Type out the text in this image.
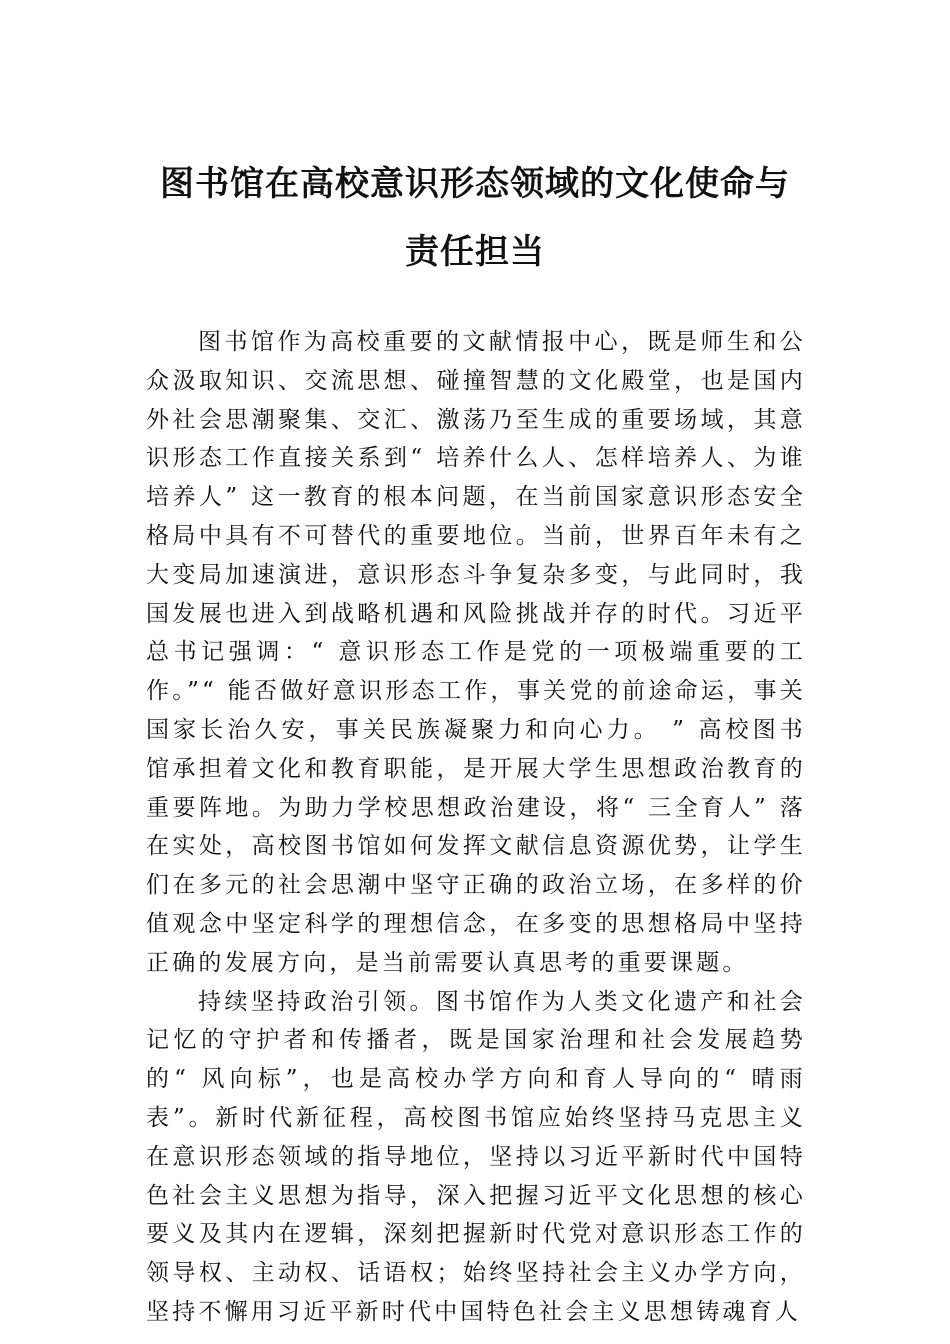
图书馆在高校意识形态领域的文化使命与
责任担当

图书馆作为高校重要的文献情报中心，既是师生和公众汲取知识、交流思想、碰撞智慧的文化殿堂，也是国内外社会思潮聚集、交汇、激荡乃至生成的重要场域，其意识形态工作直接关系到“ 培养什么人、怎样培养人、为谁培养人” 这一教育的根本问题，在当前国家意识形态安全格局中具有不可替代的重要地位。当前，世界百年未有之大变局加速演进，意识形态斗争复杂多变，与此同时，我国发展也进入到战略机遇和风险挑战并存的时代。习近平总书记强调：“ 意识形态工作是党的一项极端重要的工作。”“ 能否做好意识形态工作，事关党的前途命运，事关国家长治久安，事关民族凝聚力和向心力。 ” 高校图书馆承担着文化和教育职能，是开展大学生思想政治教育的重要阵地。为助力学校思想政治建设，将“ 三全育人” 落在实处，高校图书馆如何发挥文献信息资源优势，让学生们在多元的社会思潮中坚守正确的政治立场，在多样的价值观念中坚定科学的理想信念，在多变的思想格局中坚持正确的发展方向，是当前需要认真思考的重要课题。

持续坚持政治引领。图书馆作为人类文化遗产和社会记忆的守护者和传播者，既是国家治理和社会发展趋势的“ 风向标”，也是高校办学方向和育人导向的“ 晴雨表”。新时代新征程，高校图书馆应始终坚持马克思主义在意识形态领域的指导地位，坚持以习近平新时代中国特色社会主义思想为指导，深入把握习近平文化思想的核心要义及其内在逻辑，深刻把握新时代党对意识形态工作的领导权、主动权、话语权；始终坚持社会主义办学方向，坚持不懈用习近平新时代中国特色社会主义思想铸魂育人
